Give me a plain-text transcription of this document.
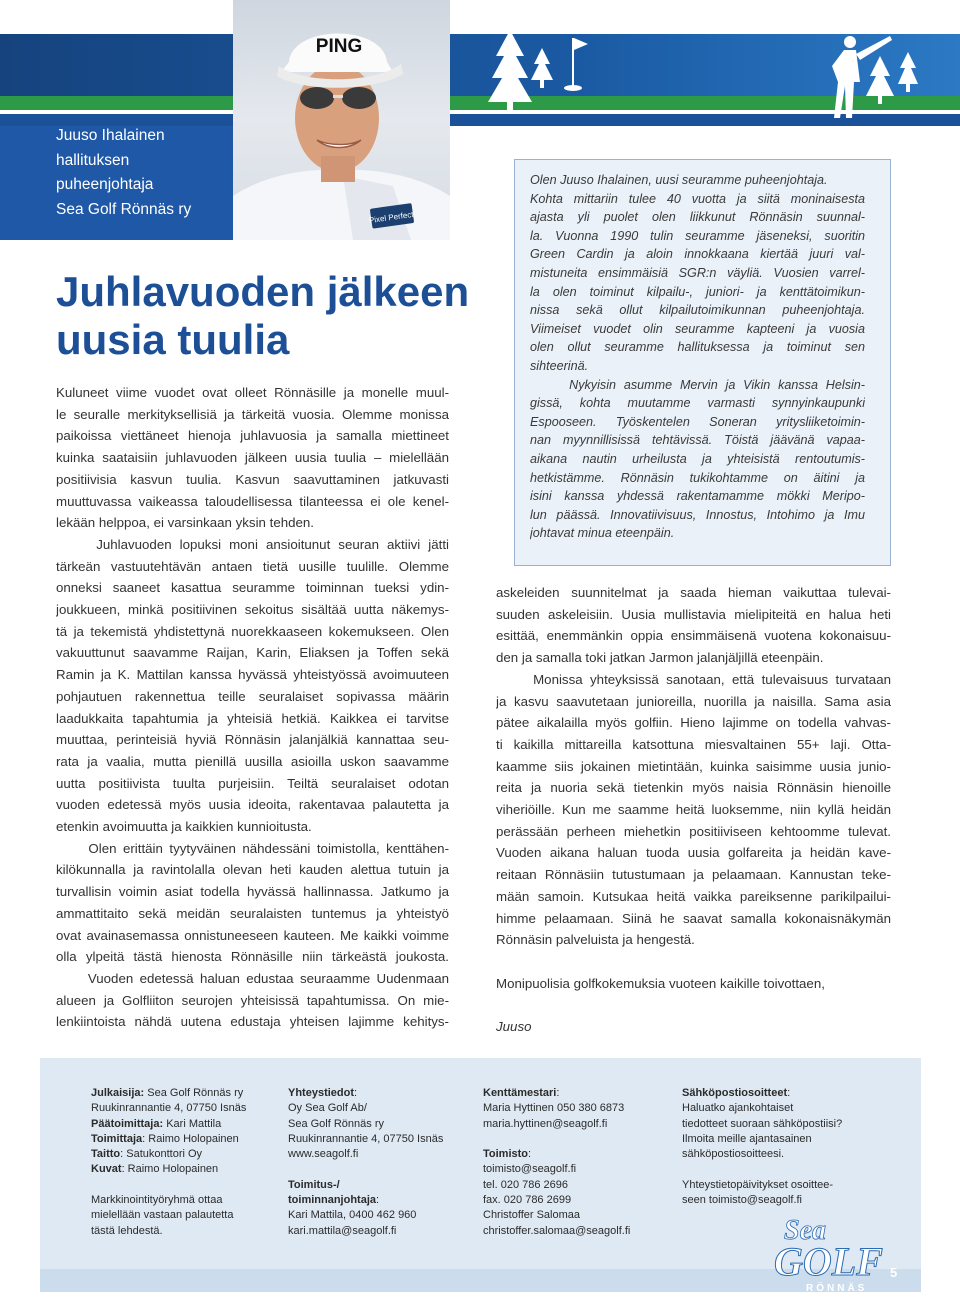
Pixel Perfect
PING
Juuso Ihalainen
hallituksen
puheenjohtaja
Sea Golf Rönnäs ry
Juhlavuoden jälkeen
uusia tuulia
Kuluneet viime vuodet ovat olleet Rönnäsille ja monelle muul-
le seuralle merkityksellisiä ja tärkeitä vuosia. Olemme monissa
paikoissa viettäneet hienoja juhlavuosia ja samalla miettineet
kuinka saataisiin juhlavuoden jälkeen uusia tuulia – mielellään
positiivisia kasvun tuulia. Kasvun saavuttaminen jatkuvasti
muuttuvassa vaikeassa taloudellisessa tilanteessa ei ole kenel-
lekään helppoa, ei varsinkaan yksin tehden.
Juhlavuoden lopuksi moni ansioitunut seuran aktiivi jätti
tärkeän vastuutehtävän antaen tietä uusille tuulille. Olemme
onneksi saaneet kasattua seuramme toiminnan tueksi ydin-
joukkueen, minkä positiivinen sekoitus sisältää uutta näkemys-
tä ja tekemistä yhdistettynä nuorekkaaseen kokemukseen. Olen
vakuuttunut saavamme Raijan, Karin, Eliaksen ja Toffen sekä
Ramin ja K. Mattilan kanssa hyvässä yhteistyössä avoimuuteen
pohjautuen rakennettua teille seuralaiset sopivassa määrin
laadukkaita tapahtumia ja yhteisiä hetkiä. Kaikkea ei tarvitse
muuttaa, perinteisiä hyviä Rönnäsin jalanjälkiä kannattaa seu-
rata ja vaalia, mutta pienillä uusilla asioilla uskon saavamme
uutta positiivista tuulta purjeisiin. Teiltä seuralaiset odotan
vuoden edetessä myös uusia ideoita, rakentavaa palautetta ja
etenkin avoimuutta ja kaikkien kunnioitusta.
Olen erittäin tyytyväinen nähdessäni toimistolla, kenttähen-
kilökunnalla ja ravintolalla olevan heti kauden alettua tutuin ja
turvallisin voimin asiat todella hyvässä hallinnassa. Jatkumo ja
ammattitaito sekä meidän seuralaisten tuntemus ja yhteistyö
ovat avainasemassa onnistuneeseen kauteen. Me kaikki voimme
olla ylpeitä tästä hienosta Rönnäsille niin tärkeästä joukosta.
Vuoden edetessä haluan edustaa seuraamme Uudenmaan
alueen ja Golfliiton seurojen yhteisissä tapahtumissa. On mie-
lenkiintoista nähdä uutena edustaja yhteisen lajimme kehitys-
Olen Juuso Ihalainen, uusi seuramme puheenjohtaja.
Kohta mittariin tulee 40 vuotta ja siitä moninaisesta
ajasta yli puolet olen liikkunut Rönnäsin suunnal-
la. Vuonna 1990 tulin seuramme jäseneksi, suoritin
Green Cardin ja aloin innokkaana kiertää juuri val-
mistuneita ensimmäisiä SGR:n väyliä. Vuosien varrel-
la olen toiminut kilpailu-, juniori- ja kenttätoimikun-
nissa sekä ollut kilpailutoimikunnan puheenjohtaja.
Viimeiset vuodet olin seuramme kapteeni ja vuosia
olen ollut seuramme hallituksessa ja toiminut sen
sihteerinä.
Nykyisin asumme Mervin ja Vikin kanssa Helsin-
gissä, kohta muutamme varmasti synnyinkaupunki
Espooseen. Työskentelen Soneran yritysliiketoimin-
nan myynnillisissä tehtävissä. Töistä jäävänä vapaa-
aikana nautin urheilusta ja yhteisistä rentoutumis-
hetkistämme. Rönnäsin tukikohtamme on äitini ja
isini kanssa yhdessä rakentamamme mökki Meripo-
lun päässä. Innovatiivisuus, Innostus, Intohimo ja Imu
johtavat minua eteenpäin.
askeleiden suunnitelmat ja saada hieman vaikuttaa tulevai-
suuden askeleisiin. Uusia mullistavia mielipiteitä en halua heti
esittää, enemmänkin oppia ensimmäisenä vuotena kokonaisuu-
den ja samalla toki jatkan Jarmon jalanjäljillä eteenpäin.
Monissa yhteyksissä sanotaan, että tulevaisuus turvataan
ja kasvu saavutetaan junioreilla, nuorilla ja naisilla. Sama asia
pätee aikalailla myös golfiin. Hieno lajimme on todella vahvas-
ti kaikilla mittareilla katsottuna miesvaltainen 55+ laji. Otta-
kaamme siis jokainen mietintään, kuinka saisimme uusia junio-
reita ja nuoria sekä tietenkin myös naisia Rönnäsin hienoille
viheriöille. Kun me saamme heitä luoksemme, niin kyllä heidän
perässään perheen miehetkin positiiviseen kehtoomme tulevat.
Vuoden aikana haluan tuoda uusia golfareita ja heidän kave-
reitaan Rönnäsiin tutustumaan ja pelaamaan. Kannustan teke-
mään samoin. Kutsukaa heitä vaikka pareiksenne parikilpailui-
himme pelaamaan. Siinä he saavat samalla kokonaisnäkymän
Rönnäsin palveluista ja hengestä.
Monipuolisia golfkokemuksia vuoteen kaikille toivottaen,
Juuso
Julkaisija: Sea Golf Rönnäs ry
Ruukinrannantie 4, 07750 Isnäs
Päätoimittaja: Kari Mattila
Toimittaja: Raimo Holopainen
Taitto: Satukonttori Oy
Kuvat: Raimo Holopainen

Markkinointityöryhmä ottaa
mielellään vastaan palautetta
tästä lehdestä.
Yhteystiedot:
Oy Sea Golf Ab/
Sea Golf Rönnäs ry
Ruukinrannantie 4, 07750 Isnäs
www.seagolf.fi

Toimitus-/
toiminnanjohtaja:
Kari Mattila, 0400 462 960
kari.mattila@seagolf.fi
Kenttämestari:
Maria Hyttinen 050 380 6873
maria.hyttinen@seagolf.fi

Toimisto:
toimisto@seagolf.fi
tel. 020 786 2696
fax. 020 786 2699
Christoffer Salomaa
christoffer.salomaa@seagolf.fi
Sähköpostiosoitteet:
Haluatko ajankohtaiset
tiedotteet suoraan sähköpostiisi?
Ilmoita meille ajantasainen
sähköpostiosoitteesi.

Yhteystietopäivitykset osoittee-
seen toimisto@seagolf.fi
Sea
GOLF
RÖNNÄS
5
